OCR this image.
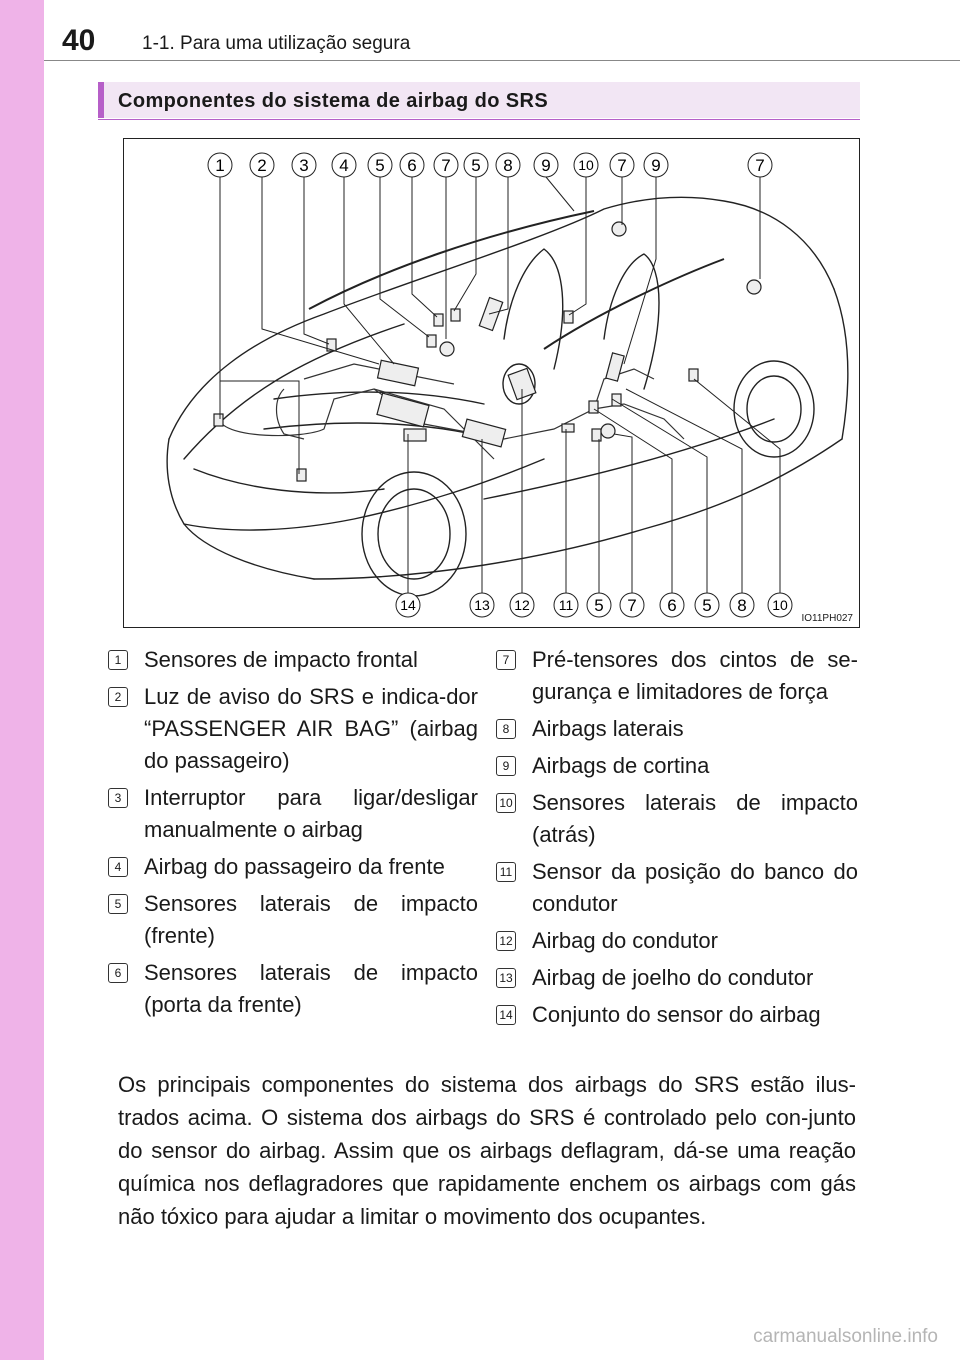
40 1-1. Para uma utilização segura
Componentes do sistema de airbag do SRS
1 2 3 4 5 6 7 5 8 9 10 7 9	7
14	13 12 11 5 7 6 5 8 10
IO11PH027
1	Sensores de impacto frontal
2	Luz de aviso do SRS e indica-dor “PASSENGER AIR BAG” (airbag do passageiro)
3	Interruptor para ligar/desligar manualmente o airbag
4	Airbag do passageiro da frente
5	Sensores laterais de impacto (frente)
6	Sensores laterais de impacto (porta da frente)
7	Pré-tensores dos cintos de se-gurança e limitadores de força
8	Airbags laterais
9	Airbags de cortina
10 Sensores laterais de impacto (atrás)
11 Sensor da posição do banco do condutor
12 Airbag do condutor
13 Airbag de joelho do condutor
14 Conjunto do sensor do airbag

Os principais componentes do sistema dos airbags do SRS estão ilus-trados acima. O sistema dos airbags do SRS é controlado pelo con-junto do sensor do airbag. Assim que os airbags deflagram, dá-se uma reação química nos deflagradores que rapidamente enchem os airbags com gás não tóxico para ajudar a limitar o movimento dos ocupantes.

carmanualsonline.info
